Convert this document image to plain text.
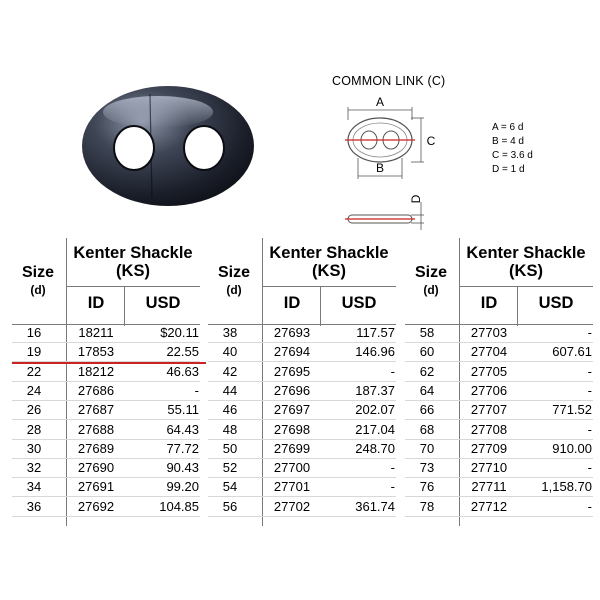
COMMON LINK (C)
A
B
C
D
A = 6 d
B = 4 d
C = 3.6 d
D = 1 d
Size
(d)
Kenter Shackle (KS)
ID	USD
16	18211	$20.11
19	17853	22.55
22	18212	46.63
24	27686	-
26	27687	55.11
28	27688	64.43
30	27689	77.72
32	27690	90.43
34	27691	99.20
36	27692	104.85
Size
(d)
Kenter Shackle (KS)
ID	USD
38	27693	117.57
40	27694	146.96
42	27695	-
44	27696	187.37
46	27697	202.07
48	27698	217.04
50	27699	248.70
52	27700	-
54	27701	-
56	27702	361.74
Size
(d)
Kenter Shackle (KS)
ID	USD
58	27703	-
60	27704	607.61
62	27705	-
64	27706	-
66	27707	771.52
68	27708	-
70	27709	910.00
73	27710	-
76	27711	1,158.70
78	27712	-
